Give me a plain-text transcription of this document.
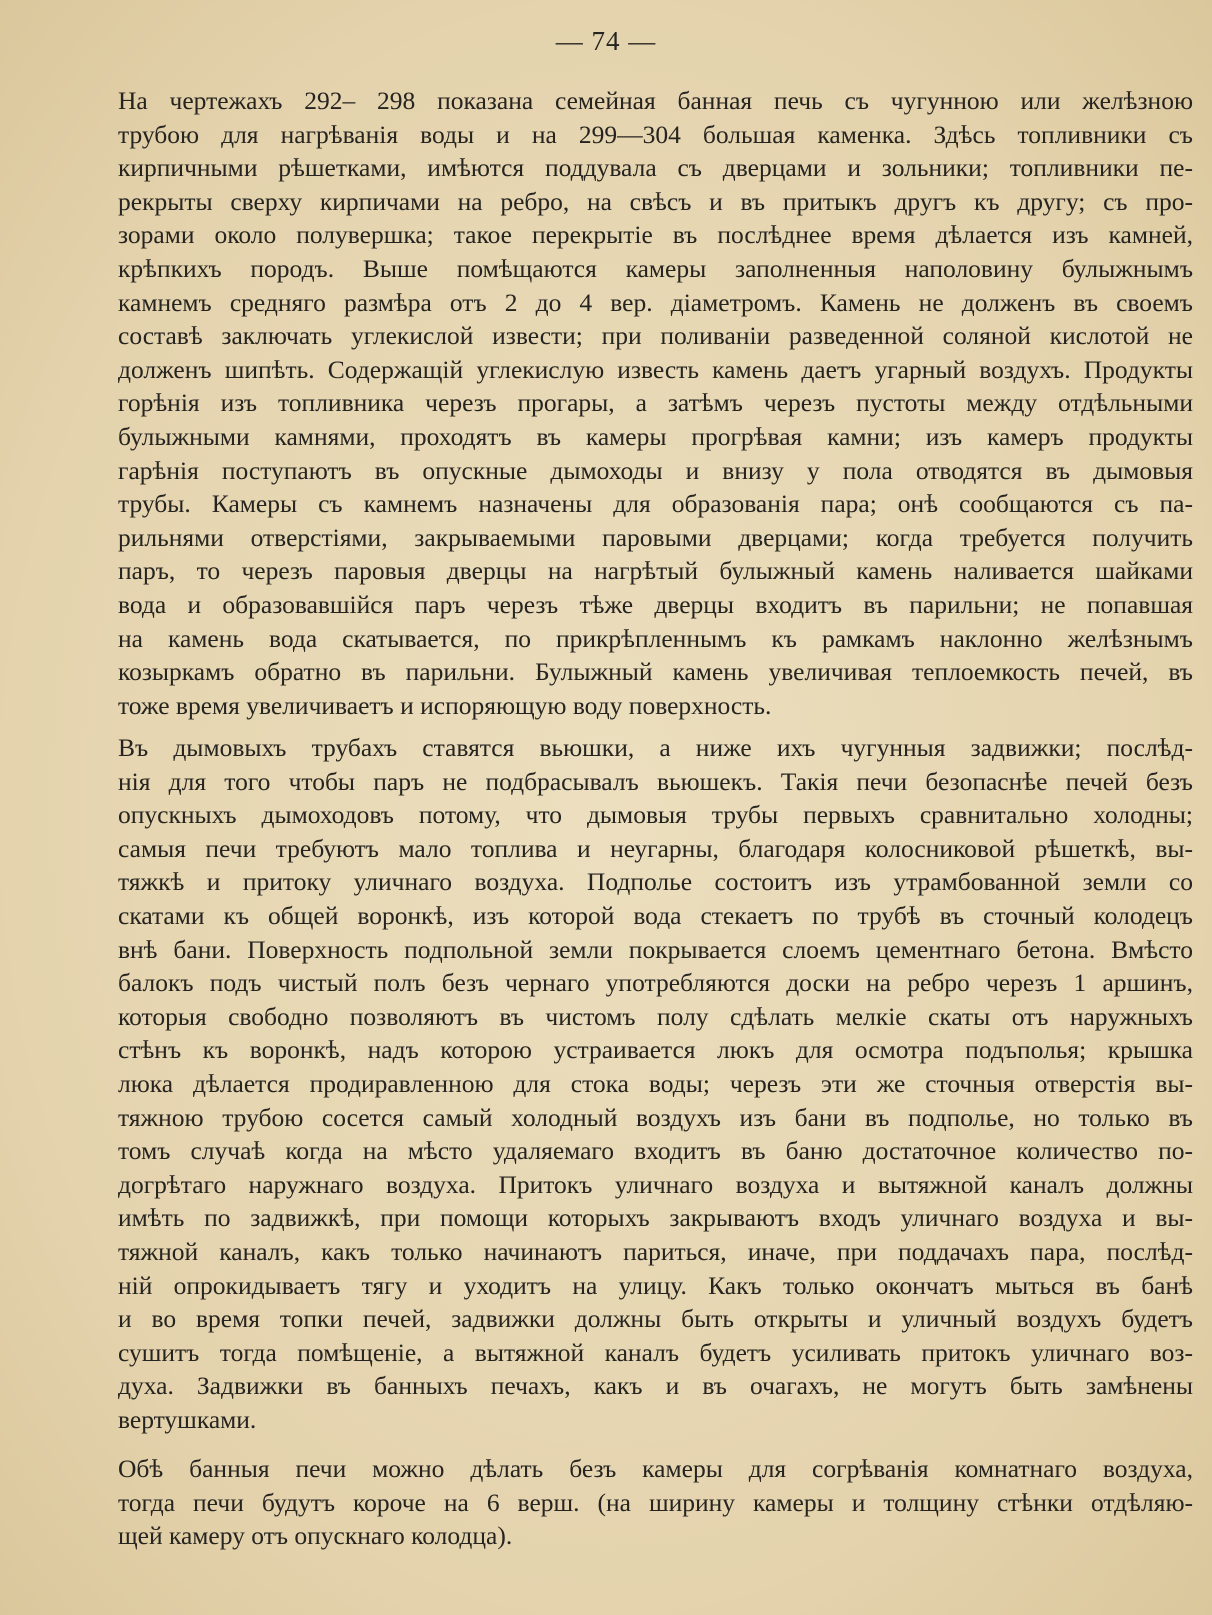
— 74 —
На чертежахъ 292– 298 показана семейная банная печь съ чугунною или желѣзною
трубою для нагрѣванія воды и на 299—304 большая каменка. Здѣсь топливники съ
кирпичными рѣшетками, имѣются поддувала съ дверцами и зольники; топливники пе-
рекрыты сверху кирпичами на ребро, на свѣсъ и въ притыкъ другъ къ другу; съ про-
зорами около полувершка; такое перекрытіе въ послѣднее время дѣлается изъ камней,
крѣпкихъ породъ. Выше помѣщаются камеры заполненныя наполовину булыжнымъ
камнемъ средняго размѣра отъ 2 до 4 вер. діаметромъ. Камень не долженъ въ своемъ
составѣ заключать углекислой извести; при поливаніи разведенной соляной кислотой не
долженъ шипѣть. Содержащій углекислую известь камень даетъ угарный воздухъ. Продукты
горѣнія изъ топливника черезъ прогары, а затѣмъ черезъ пустоты между отдѣльными
булыжными камнями, проходятъ въ камеры прогрѣвая камни; изъ камеръ продукты
гарѣнія поступаютъ въ опускные дымоходы и внизу у пола отводятся въ дымовыя
трубы. Камеры съ камнемъ назначены для образованія пара; онѣ сообщаются съ па-
рильнями отверстіями, закрываемыми паровыми дверцами; когда требуется получить
паръ, то черезъ паровыя дверцы на нагрѣтый булыжный камень наливается шайками
вода и образовавшійся паръ черезъ тѣже дверцы входитъ въ парильни; не попавшая
на камень вода скатывается, по прикрѣпленнымъ къ рамкамъ наклонно желѣзнымъ
козыркамъ обратно въ парильни. Булыжный камень увеличивая теплоемкость печей, въ
тоже время увеличиваетъ и испоряющую воду поверхность.
Въ дымовыхъ трубахъ ставятся вьюшки, а ниже ихъ чугунныя задвижки; послѣд-
нія для того чтобы паръ не подбрасывалъ вьюшекъ. Такія печи безопаснѣе печей безъ
опускныхъ дымоходовъ потому, что дымовыя трубы первыхъ сравнитально холодны;
самыя печи требуютъ мало топлива и неугарны, благодаря колосниковой рѣшеткѣ, вы-
тяжкѣ и притоку уличнаго воздуха. Подполье состоитъ изъ утрамбованной земли со
скатами къ общей воронкѣ, изъ которой вода стекаетъ по трубѣ въ сточный колодецъ
внѣ бани. Поверхность подпольной земли покрывается слоемъ цементнаго бетона. Вмѣсто
балокъ подъ чистый полъ безъ чернаго употребляются доски на ребро черезъ 1 аршинъ,
которыя свободно позволяютъ въ чистомъ полу сдѣлать мелкіе скаты отъ наружныхъ
стѣнъ къ воронкѣ, надъ которою устраивается люкъ для осмотра подъполья; крышка
люка дѣлается продиравленною для стока воды; черезъ эти же сточныя отверстія вы-
тяжною трубою сосется самый холодный воздухъ изъ бани въ подполье, но только въ
томъ случаѣ когда на мѣсто удаляемаго входитъ въ баню достаточное количество по-
догрѣтаго наружнаго воздуха. Притокъ уличнаго воздуха и вытяжной каналъ должны
имѣть по задвижкѣ, при помощи которыхъ закрываютъ входъ уличнаго воздуха и вы-
тяжной каналъ, какъ только начинаютъ париться, иначе, при поддачахъ пара, послѣд-
ній опрокидываетъ тягу и уходитъ на улицу. Какъ только окончатъ мыться въ банѣ
и во время топки печей, задвижки должны быть открыты и уличный воздухъ будетъ
сушитъ тогда помѣщеніе, а вытяжной каналъ будетъ усиливать притокъ уличнаго воз-
духа. Задвижки въ банныхъ печахъ, какъ и въ очагахъ, не могутъ быть замѣнены
вертушками.
Обѣ банныя печи можно дѣлать безъ камеры для согрѣванія комнатнаго воздуха,
тогда печи будутъ короче на 6 верш. (на ширину камеры и толщину стѣнки отдѣляю-
щей камеру отъ опускнаго колодца).
